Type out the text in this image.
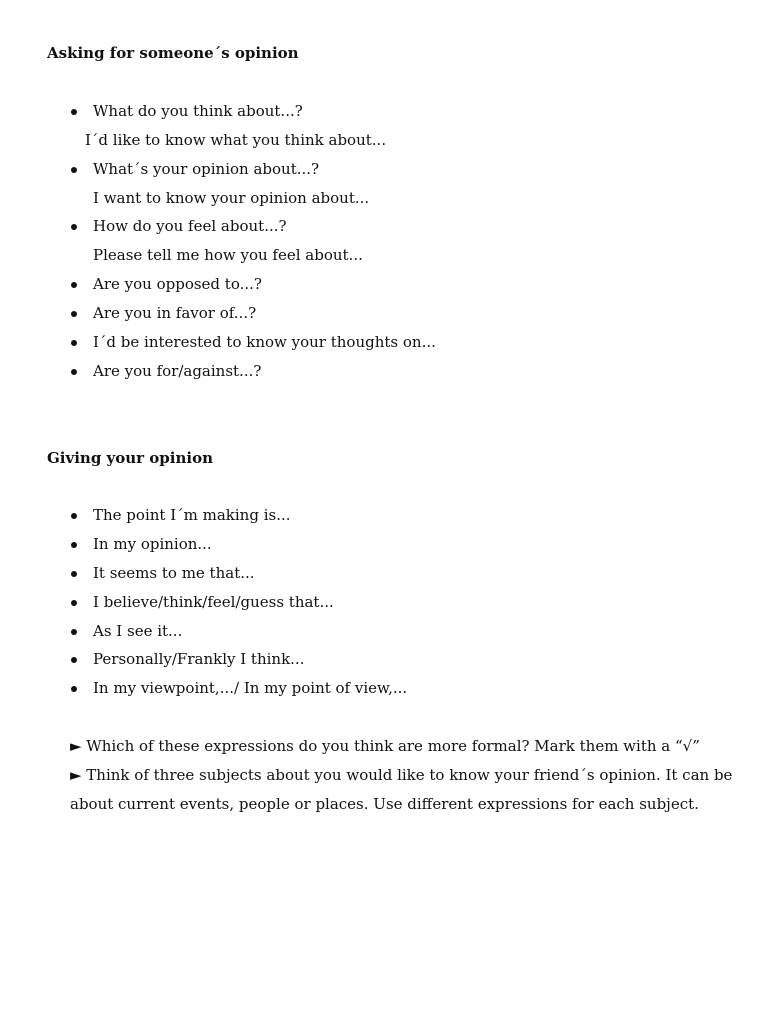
Asking for someone´s opinion
What do you think about...?
I´d like to know what you think about...
What´s your opinion about...?
I want to know your opinion about...
How do you feel about...?
Please tell me how you feel about...
Are you opposed to...?
Are you in favor of...?
I´d be interested to know your thoughts on...
Are you for/against...?
Giving your opinion
The point I´m making is...
In my opinion...
It seems to me that...
I believe/think/feel/guess that...
As I see it...
Personally/Frankly I think...
In my viewpoint,.../ In my point of view,...
► Which of these expressions do you think are more formal? Mark them with a “√”
► Think of three subjects about you would like to know your friend´s opinion. It can be
about current events, people or places. Use different expressions for each subject.
